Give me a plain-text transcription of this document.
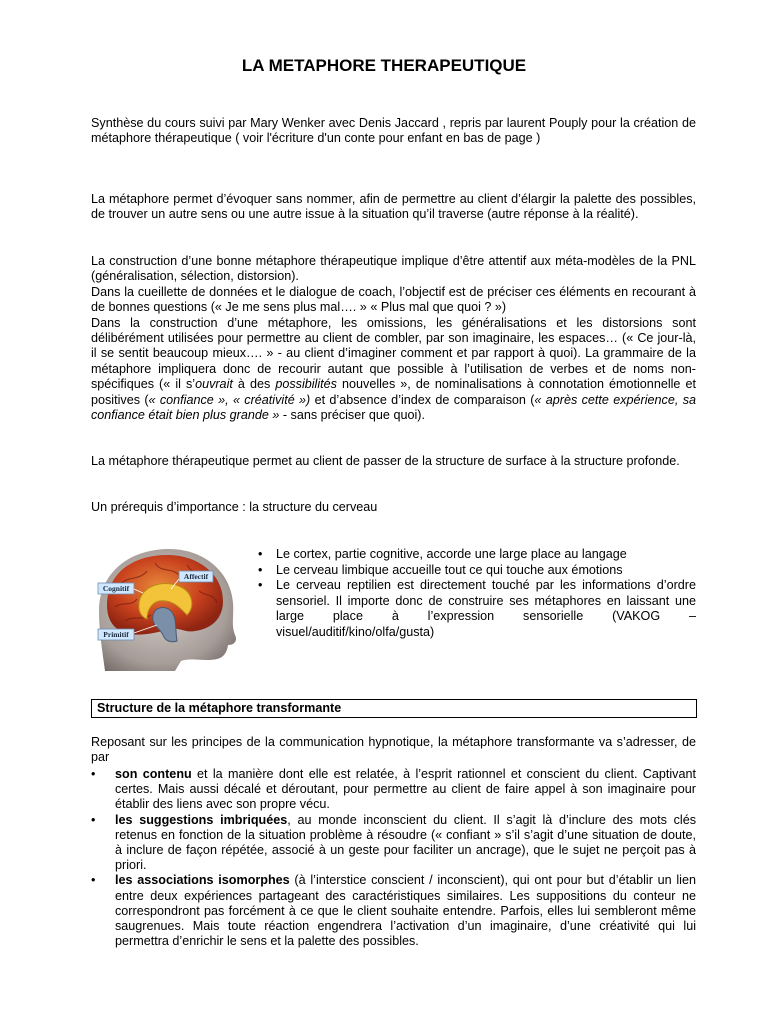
LA METAPHORE THERAPEUTIQUE

Synthèse du cours suivi par Mary Wenker avec Denis Jaccard , repris par laurent Pouply pour la création de métaphore thérapeutique ( voir l'écriture d'un conte pour enfant en bas de page )

La métaphore permet d’évoquer sans nommer, afin de permettre au client d’élargir la palette des possibles, de trouver un autre sens ou une autre issue à la situation qu’il traverse (autre réponse à la réalité).

La construction d’une bonne métaphore thérapeutique implique d’être attentif aux méta-modèles de la PNL (généralisation, sélection, distorsion).

Dans la cueillette de données et le dialogue de coach, l’objectif est de préciser ces éléments en recourant à de bonnes questions (« Je me sens plus mal…. » « Plus mal que quoi ? »)

Dans la construction d’une métaphore, les omissions, les généralisations et les distorsions sont délibérément utilisées pour permettre au client de combler, par son imaginaire, les espaces… (« Ce jour-là, il se sentit beaucoup mieux…. » - au client d’imaginer comment et par rapport à quoi). La grammaire de la métaphore impliquera donc de recourir autant que possible à l’utilisation de verbes et de noms non-spécifiques (« il s’ouvrait à des possibilités nouvelles », de nominalisations à connotation émotionnelle et positives (« confiance », « créativité ») et d’absence d’index de comparaison (« après cette expérience, sa confiance était bien plus grande » - sans préciser que quoi).

La métaphore thérapeutique permet au client de passer de la structure de surface à la structure profonde.

Un prérequis d’importance : la structure du cerveau

Affectif
Cognitif
Primitif
• Le cortex, partie cognitive, accorde une large place au langage
• Le cerveau limbique accueille tout ce qui touche aux émotions
• Le cerveau reptilien est directement touché par les informations d’ordre sensoriel. Il importe donc de construire ses métaphores en laissant une large place à l’expression sensorielle (VAKOG – visuel/auditif/kino/olfa/gusta)
Structure de la métaphore transformante

Reposant sur les principes de la communication hypnotique, la métaphore transformante va s’adresser, de par

• son contenu et la manière dont elle est relatée, à l’esprit rationnel et conscient du client. Captivant certes. Mais aussi décalé et déroutant, pour permettre au client de faire appel à son imaginaire pour établir des liens avec son propre vécu.
• les suggestions imbriquées, au monde inconscient du client. Il s’agit là d’inclure des mots clés retenus en fonction de la situation problème à résoudre (« confiant » s’il s’agit d’une situation de doute, à inclure de façon répétée, associé à un geste pour faciliter un ancrage), que le sujet ne perçoit pas à priori.
• les associations isomorphes (à l’interstice conscient / inconscient), qui ont pour but d’établir un lien entre deux expériences partageant des caractéristiques similaires. Les suppositions du conteur ne correspondront pas forcément à ce que le client souhaite entendre. Parfois, elles lui sembleront même saugrenues. Mais toute réaction engendrera l’activation d’un imaginaire, d’une créativité qui lui permettra d’enrichir le sens et la palette des possibles.
